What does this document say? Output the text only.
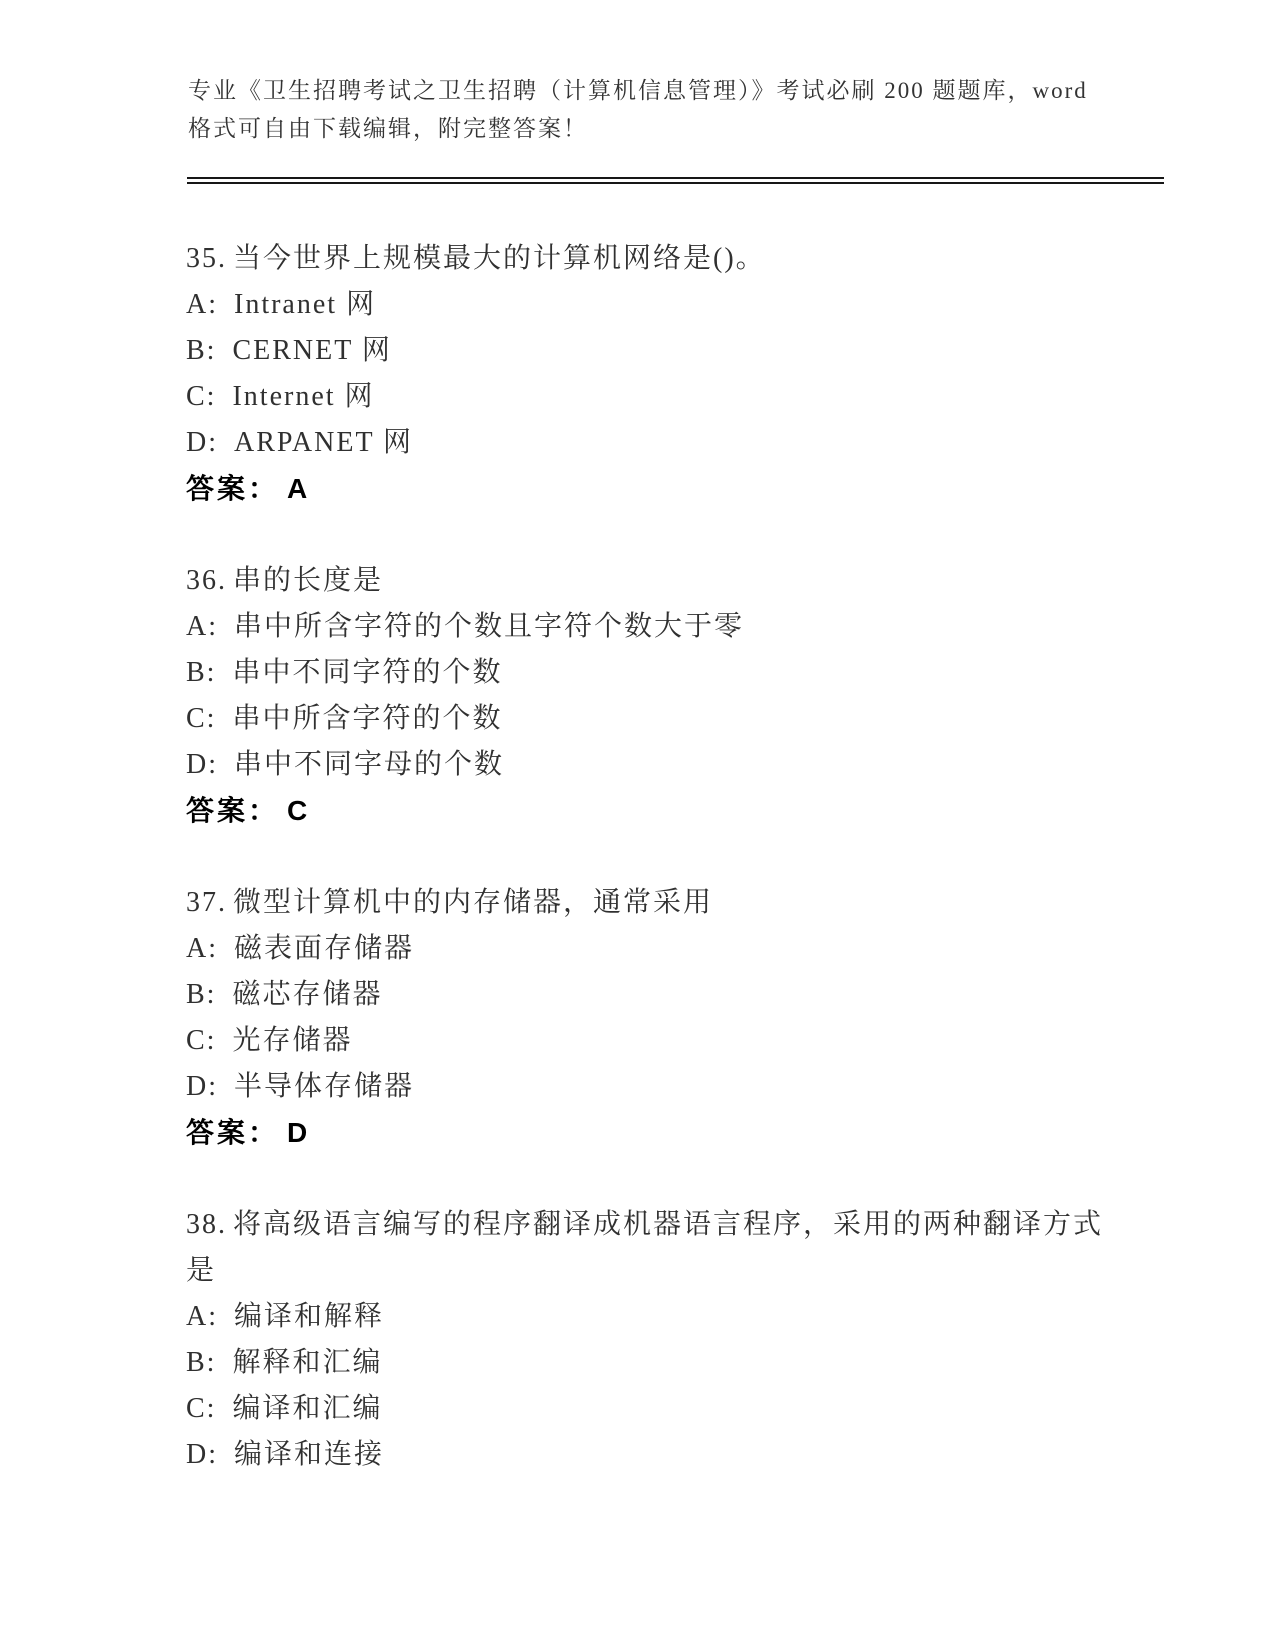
专业《卫生招聘考试之卫生招聘（计算机信息管理）》考试必刷 200 题题库，word
格式可自由下载编辑，附完整答案！
35. 当今世界上规模最大的计算机网络是()。
A: Intranet 网
B: CERNET 网
C: Internet 网
D: ARPANET 网
答案： A
36. 串的长度是
A: 串中所含字符的个数且字符个数大于零
B: 串中不同字符的个数
C: 串中所含字符的个数
D: 串中不同字母的个数
答案： C
37. 微型计算机中的内存储器，通常采用
A: 磁表面存储器
B: 磁芯存储器
C: 光存储器
D: 半导体存储器
答案： D
38. 将高级语言编写的程序翻译成机器语言程序，采用的两种翻译方式
是
A: 编译和解释
B: 解释和汇编
C: 编译和汇编
D: 编译和连接
